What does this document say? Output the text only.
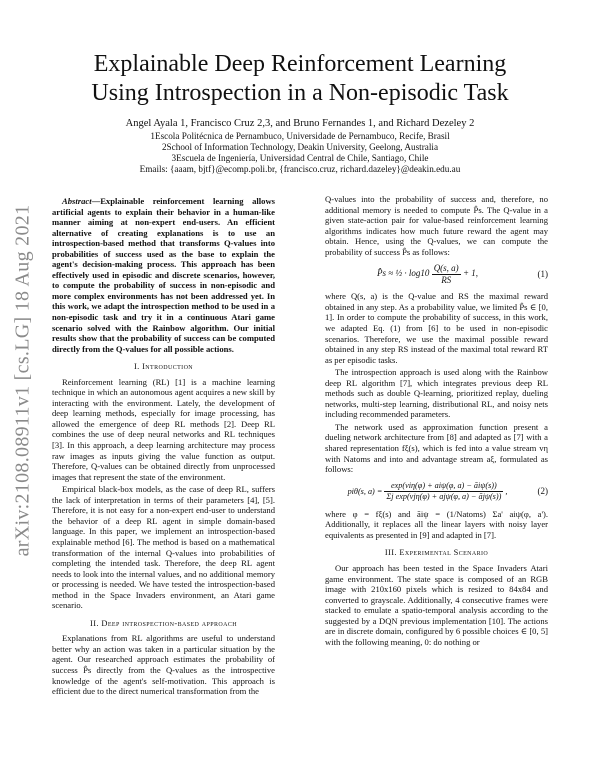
arXiv:2108.08911v1 [cs.LG] 18 Aug 2021
Explainable Deep Reinforcement Learning
Using Introspection in a Non-episodic Task
Angel Ayala 1, Francisco Cruz 2,3, and Bruno Fernandes 1, and Richard Dezeley 2
1Escola Politécnica de Pernambuco, Universidade de Pernambuco, Recife, Brasil
2School of Information Technology, Deakin University, Geelong, Australia
3Escuela de Ingeniería, Universidad Central de Chile, Santiago, Chile
Emails: {aaam, bjtf}@ecomp.poli.br, {francisco.cruz, richard.dazeley}@deakin.edu.au

Abstract—Explainable reinforcement learning allows artificial agents to explain their behavior in a human-like manner aiming at non-expert end-users. An efficient alternative of creating explanations is to use an introspection-based method that transforms Q-values into probabilities of success used as the base to explain the agent's decision-making process. This approach has been effectively used in episodic and discrete scenarios, however, to compute the probability of success in non-episodic and more complex environments has not been addressed yet. In this work, we adapt the introspection method to be used in a non-episodic task and try it in a continuous Atari game scenario solved with the Rainbow algorithm. Our initial results show that the probability of success can be computed directly from the Q-values for all possible actions.

I. Introduction

Reinforcement learning (RL) [1] is a machine learning technique in which an autonomous agent acquires a new skill by interacting with the environment. Lately, the development of deep learning methods, especially for image processing, has allowed the emergence of deep RL methods [2]. Deep RL combines the use of deep neural networks and RL techniques [3]. In this approach, a deep learning architecture may process raw images as inputs giving the value function as output. Therefore, Q-values can be obtained directly from unprocessed images that represent the state of the environment.

Empirical black-box models, as the case of deep RL, suffers the lack of interpretation in terms of their parameters [4], [5]. Therefore, it is not easy for a non-expert end-user to understand the behavior of a deep RL agent in simple domain-based language. In this paper, we implement an introspection-based explainable method [6]. The method is based on a mathematical transformation of the internal Q-values into probabilities of completing the intended task. Therefore, the deep RL agent needs to look into the internal values, and no additional memory or processing is needed. We have tested the introspection-based method in the Space Invaders environment, an Atari game scenario.

II. Deep introspection-based approach

Explanations from RL algorithms are useful to understand better why an action was taken in a particular situation by the agent. Our researched approach estimates the probability of success P̂s directly from the Q-values as the introspective knowledge of the agent's self-motivation. This approach is efficient due to the direct numerical transformation from the

Q-values into the probability of success and, therefore, no additional memory is needed to compute P̂s. The Q-value in a given state-action pair for value-based reinforcement learning algorithms indicates how much future reward the agent may obtain. Hence, using the Q-values, we can compute the probability of success P̂s as follows:

P̂s ≈ ½ · $\log 10 \frac{Q(s, a)}{RS} + 1$,	(1)

where Q(s, a) is the Q-value and RS the maximal reward obtained in any step. As a probability value, we limited P̂s ∈ [0, 1]. In order to compute the probability of success, in this work, we adapted Eq. (1) from [6] to be used in non-episodic scenarios. Therefore, we use the maximal possible reward obtained in any step RS instead of the maximal total reward RT as per episodic tasks.

The introspection approach is used along with the Rainbow deep RL algorithm [7], which integrates previous deep RL methods such as double Q-learning, prioritized replay, dueling networks, multi-step learning, distributional RL, and noisy nets including recommended parameters.

The network used as approximation function present a dueling network architecture from [8] and adapted as [7] with a shared representation fξ(s), which is fed into a value stream vη with Natoms and into and advantage stream aξ, formulated as follows:

piθ(s, $a) = \frac{\text{exp(viη(φ) + aiψ(φ, a) − āiψ(s))}}{\text{Σj exp(vjη(φ) + ajψ(φ, a) − ājψ(s))}}$ ,	(2)

where φ = fξ(s) and āiψ = (1/Natoms) Σa' aiψ(φ, a'). Additionally, it replaces all the linear layers with noisy layer equivalents as presented in [9] and adapted in [7].

III. Experimental Scenario

Our approach has been tested in the Space Invaders Atari game environment. The state space is composed of an RGB image with 210x160 pixels which is resized to 84x84 and converted to grayscale. Additionally, 4 consecutive frames were stacked to emulate a spatio-temporal analysis according to the suggested by a DQN previous implementation [10]. The actions are in discrete domain, configured by 6 possible choices ∈ [0, 5] with the following meaning, 0: do nothing or
